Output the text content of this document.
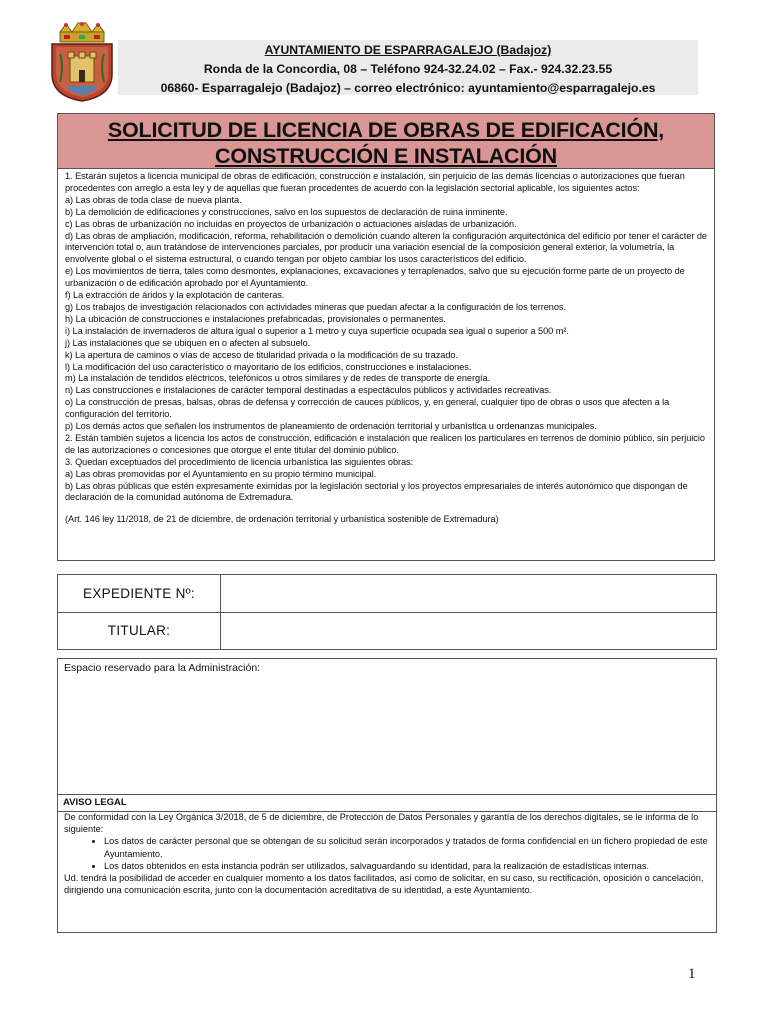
AYUNTAMIENTO DE ESPARRAGALEJO (Badajoz)
Ronda de la Concordia, 08 – Teléfono 924-32.24.02 – Fax.- 924.32.23.55
06860- Esparragalejo (Badajoz) – correo electrónico: ayuntamiento@esparragalejo.es
SOLICITUD DE LICENCIA DE OBRAS DE EDIFICACIÓN,
CONSTRUCCIÓN E INSTALACIÓN

1. Estarán sujetos a licencia municipal de obras de edificación, construcción e instalación, sin perjuicio de las demás licencias o autorizaciones que fueran procedentes con arreglo a esta ley y de aquellas que fueran procedentes de acuerdo con la legislación sectorial aplicable, los siguientes actos:

a) Las obras de toda clase de nueva planta.

b) La demolición de edificaciones y construcciones, salvo en los supuestos de declaración de ruina inminente.

c) Las obras de urbanización no incluidas en proyectos de urbanización o actuaciones aisladas de urbanización.

d) Las obras de ampliación, modificación, reforma, rehabilitación o demolición cuando alteren la configuración arquitectónica del edificio por tener el carácter de intervención total o, aun tratándose de intervenciones parciales, por producir una variación esencial de la composición general exterior, la volumetría, la envolvente global o el sistema estructural, o cuando tengan por objeto cambiar los usos característicos del edificio.

e) Los movimientos de tierra, tales como desmontes, explanaciones, excavaciones y terraplenados, salvo que su ejecución forme parte de un proyecto de urbanización o de edificación aprobado por el Ayuntamiento.

f) La extracción de áridos y la explotación de canteras.

g) Los trabajos de investigación relacionados con actividades mineras que puedan afectar a la configuración de los terrenos.

h) La ubicación de construcciones e instalaciones prefabricadas, provisionales o permanentes.

i) La instalación de invernaderos de altura igual o superior a 1 metro y cuya superficie ocupada sea igual o superior a 500 m².

j) Las instalaciones que se ubiquen en o afecten al subsuelo.

k) La apertura de caminos o vías de acceso de titularidad privada o la modificación de su trazado.

l) La modificación del uso característico o mayoritario de los edificios, construcciones e instalaciones.

m) La instalación de tendidos eléctricos, telefónicos u otros similares y de redes de transporte de energía.

n) Las construcciones e instalaciones de carácter temporal destinadas a espectáculos públicos y actividades recreativas.

o) La construcción de presas, balsas, obras de defensa y corrección de cauces públicos, y, en general, cualquier tipo de obras o usos que afecten a la configuración del territorio.

p) Los demás actos que señalen los instrumentos de planeamiento de ordenación territorial y urbanística u ordenanzas municipales.

2. Están también sujetos a licencia los actos de construcción, edificación e instalación que realicen los particulares en terrenos de dominio público, sin perjuicio de las autorizaciones o concesiones que otorgue el ente titular del dominio público.

3. Quedan exceptuados del procedimiento de licencia urbanística las siguientes obras:

a) Las obras promovidas por el Ayuntamiento en su propio término municipal.

b) Las obras públicas que estén expresamente eximidas por la legislación sectorial y los proyectos empresariales de interés autonómico que dispongan de declaración de la comunidad autónoma de Extremadura.

(Art. 146 ley 11/2018, de 21 de diciembre, de ordenación territorial y urbanística sostenible de Extremadura)

EXPEDIENTE Nº:	
TITULAR:	
Espacio reservado para la Administración:
AVISO LEGAL

De conformidad con la Ley Orgánica 3/2018, de 5 de diciembre, de Protección de Datos Personales y garantía de los derechos digitales, se le informa de lo siguiente:

• Los datos de carácter personal que se obtengan de su solicitud serán incorporados y tratados de forma confidencial en un fichero propiedad de este Ayuntamiento.
• Los datos obtenidos en esta instancia podrán ser utilizados, salvaguardando su identidad, para la realización de estadísticas internas.

Ud. tendrá la posibilidad de acceder en cualquier momento a los datos facilitados, así como de solicitar, en su caso, su rectificación, oposición o cancelación, dirigiendo una comunicación escrita, junto con la documentación acreditativa de su identidad, a este Ayuntamiento.

1
